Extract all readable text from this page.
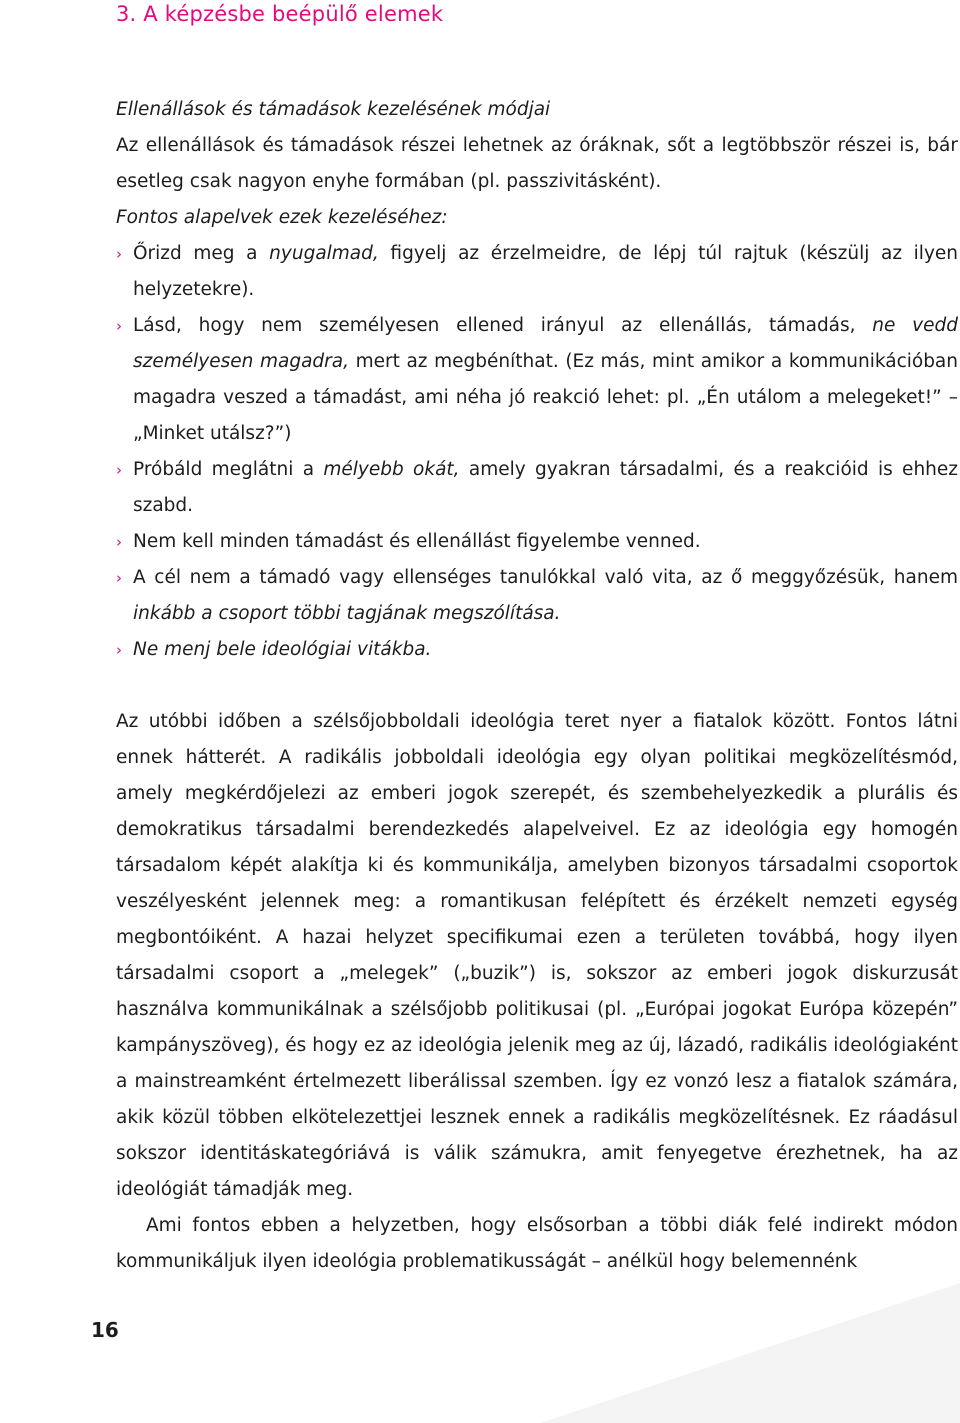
3. A képzésbe beépülő elemek

Ellenállások és támadások kezelésének módjai

Az ellenállások és támadások részei lehetnek az óráknak, sőt a legtöbbször részei is, bár esetleg csak nagyon enyhe formában (pl. passzivitásként).

Fontos alapelvek ezek kezeléséhez:

› Őrizd meg a nyugalmad, figyelj az érzelmeidre, de lépj túl rajtuk (készülj az ilyen helyzetekre).
› Lásd, hogy nem személyesen ellened irányul az ellenállás, támadás, ne vedd személyesen magadra, mert az megbéníthat. (Ez más, mint amikor a kommunikációban magadra veszed a támadást, ami néha jó reakció lehet: pl. „Én utálom a melegeket!” – „Minket utálsz?”)
› Próbáld meglátni a mélyebb okát, amely gyakran társadalmi, és a reakcióid is ehhez szabd.
› Nem kell minden támadást és ellenállást figyelembe venned.
› A cél nem a támadó vagy ellenséges tanulókkal való vita, az ő meggyőzésük, hanem inkább a csoport többi tagjának megszólítása.
› Ne menj bele ideológiai vitákba.

Az utóbbi időben a szélsőjobboldali ideológia teret nyer a fiatalok között. Fontos látni ennek hátterét. A radikális jobboldali ideológia egy olyan politikai megközelítésmód, amely megkérdőjelezi az emberi jogok szerepét, és szembehelyezkedik a plurális és demokratikus társadalmi berendezkedés alapelveivel. Ez az ideológia egy homogén társadalom képét alakítja ki és kommunikálja, amelyben bizonyos társadalmi csoportok veszélyesként jelennek meg: a romantikusan felépített és érzékelt nemzeti egység megbontóiként. A hazai helyzet specifikumai ezen a területen továbbá, hogy ilyen társadalmi csoport a „melegek” („buzik”) is, sokszor az emberi jogok diskurzusát használva kommunikálnak a szélsőjobb politikusai (pl. „Európai jogokat Európa közepén” kampányszöveg), és hogy ez az ideológia jelenik meg az új, lázadó, radikális ideológiaként a mainstreamként értelmezett liberálissal szemben. Így ez vonzó lesz a fiatalok számára, akik közül többen elkötelezettjei lesznek ennek a radikális megközelítésnek. Ez ráadásul sokszor identitáskategóriává is válik számukra, amit fenyegetve érezhetnek, ha az ideológiát támadják meg.

Ami fontos ebben a helyzetben, hogy elsősorban a többi diák felé indirekt módon kommunikáljuk ilyen ideológia problematikusságát – anélkül hogy belemennénk

16
